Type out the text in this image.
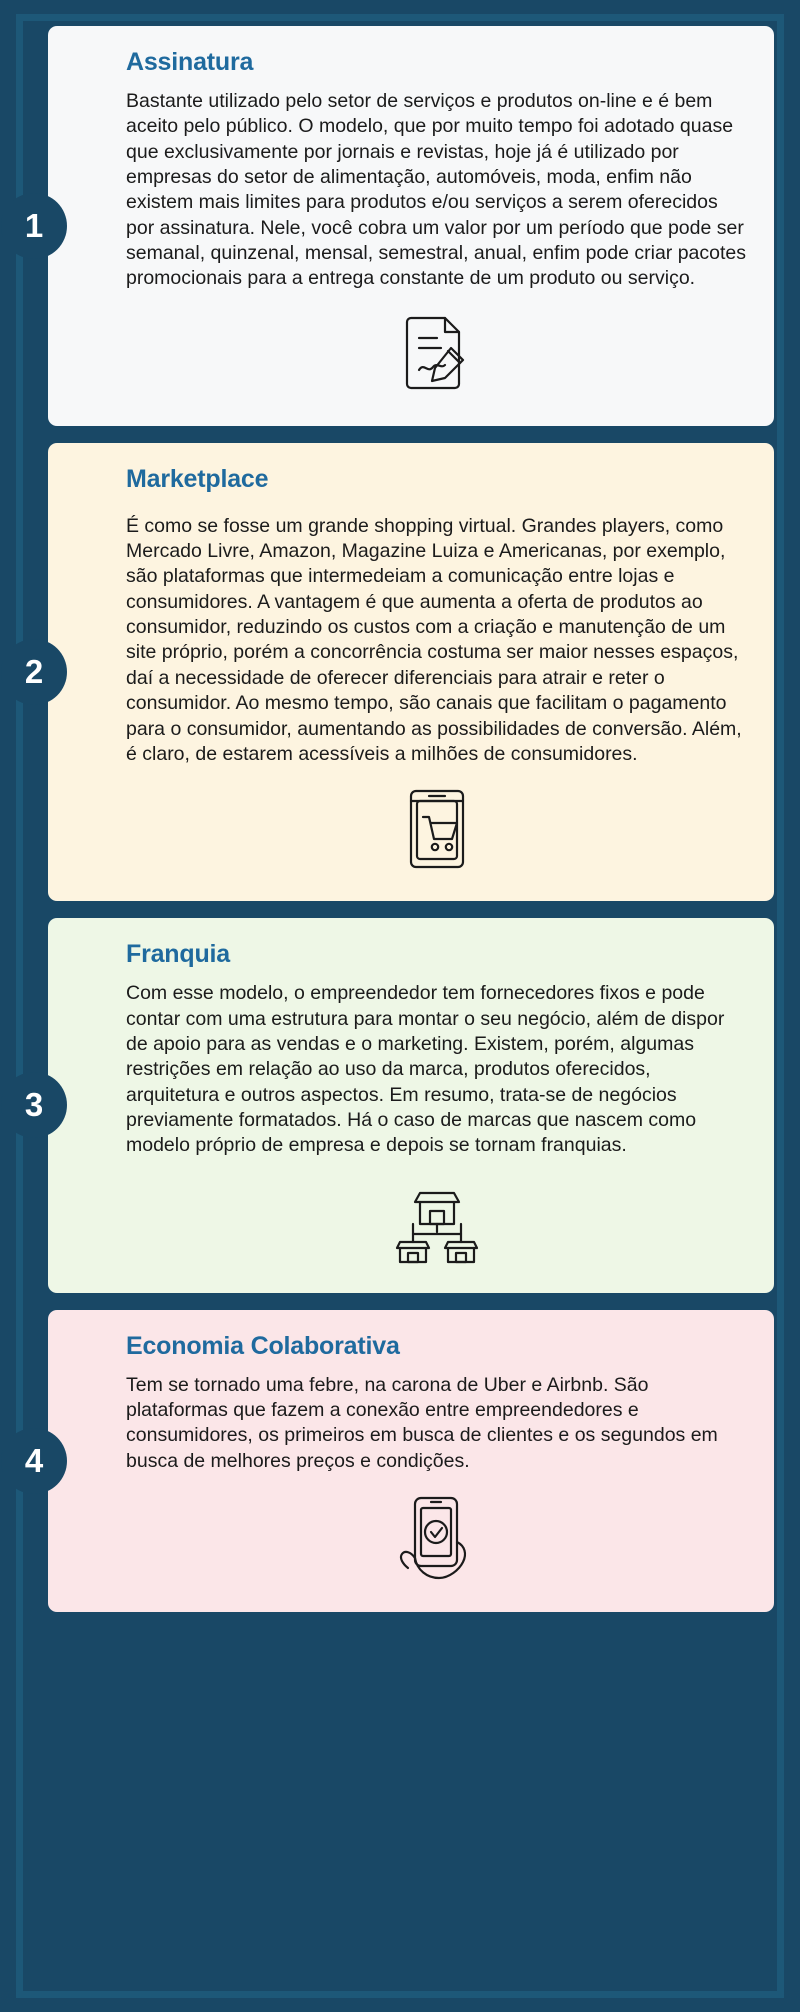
1
Assinatura

Bastante utilizado pelo setor de serviços e produtos on-line e é bem aceito pelo público. O modelo, que por muito tempo foi adotado quase que exclusivamente por jornais e revistas, hoje já é utilizado por empresas do setor de alimentação, automóveis, moda, enfim não existem mais limites para produtos e/ou serviços a serem oferecidos por assinatura. Nele, você cobra um valor por um período que pode ser semanal, quinzenal, mensal, semestral, anual, enfim pode criar pacotes promocionais para a entrega constante de um produto ou serviço.

2
Marketplace

É como se fosse um grande shopping virtual. Grandes players, como Mercado Livre, Amazon, Magazine Luiza e Americanas, por exemplo, são plataformas que intermedeiam a comunicação entre lojas e consumidores. A vantagem é que aumenta a oferta de produtos ao consumidor, reduzindo os custos com a criação e manutenção de um site próprio, porém a concorrência costuma ser maior nesses espaços, daí a necessidade de oferecer diferenciais para atrair e reter o consumidor. Ao mesmo tempo, são canais que facilitam o pagamento para o consumidor, aumentando as possibilidades de conversão. Além, é claro, de estarem acessíveis a milhões de consumidores.

3
Franquia

Com esse modelo, o empreendedor tem fornecedores fixos e pode contar com uma estrutura para montar o seu negócio, além de dispor de apoio para as vendas e o marketing. Existem, porém, algumas restrições em relação ao uso da marca, produtos oferecidos, arquitetura e outros aspectos. Em resumo, trata-se de negócios previamente formatados. Há o caso de marcas que nascem como modelo próprio de empresa e depois se tornam franquias.

4
Economia Colaborativa

Tem se tornado uma febre, na carona de Uber e Airbnb. São plataformas que fazem a conexão entre empreendedores e consumidores, os primeiros em busca de clientes e os segundos em busca de melhores preços e condições.
